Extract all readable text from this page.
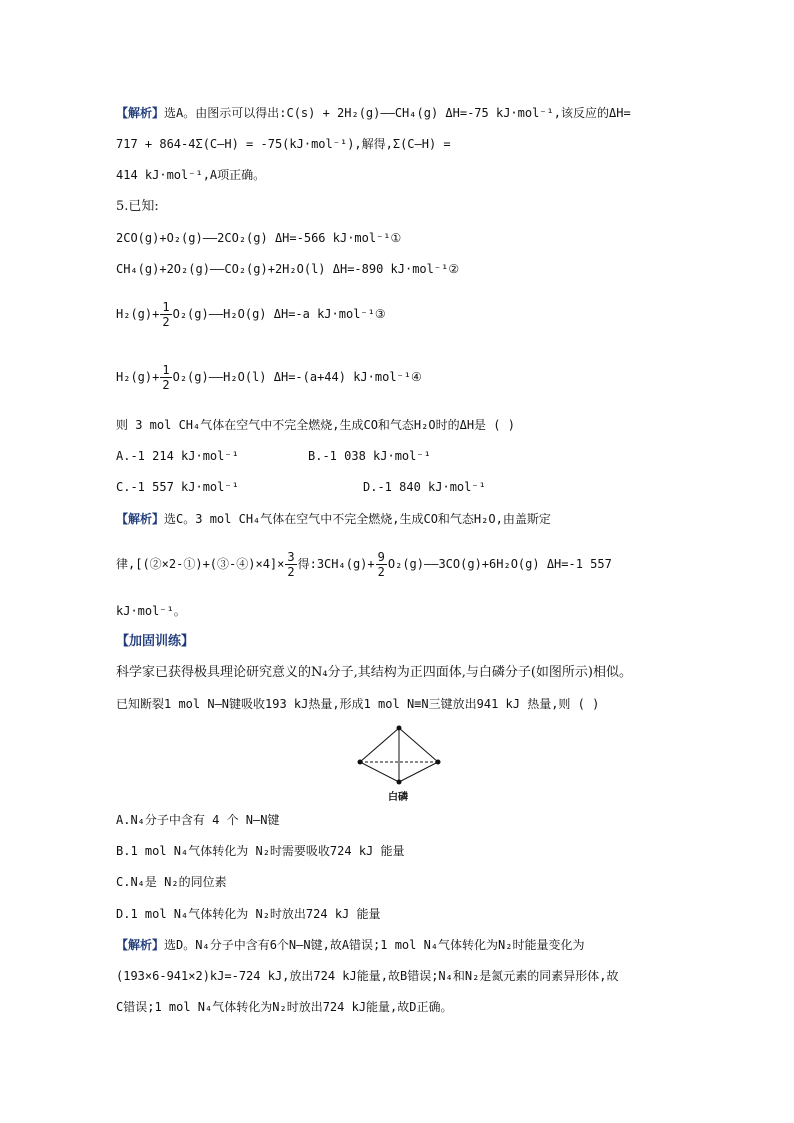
【解析】选A。由图示可以得出:C(s) + 2H₂(g)——CH₄(g) ΔH=-75 kJ·mol⁻¹,该反应的ΔH=
717 + 864-4Σ(C—H) = -75(kJ·mol⁻¹),解得,Σ(C—H) =
414 kJ·mol⁻¹,A项正确。
5.已知:
2CO(g)+O₂(g)——2CO₂(g) ΔH=-566 kJ·mol⁻¹①
CH₄(g)+2O₂(g)——CO₂(g)+2H₂O(l) ΔH=-890 kJ·mol⁻¹②
$H_2(g)+ \frac{1}{2}$ O₂(g)——H₂O(g) ΔH=-a kJ·mol⁻¹③
$H_2(g)+ \frac{1}{2}$ O₂(g)——H₂O(l) ΔH=-(a+44) kJ·mol⁻¹④
则 3 mol CH₄气体在空气中不完全燃烧,生成CO和气态H₂O时的ΔH是 ( )
A.-1 214 kJ·mol⁻¹	B.-1 038 kJ·mol⁻¹
C.-1 557 kJ·mol⁻¹	D.-1 840 kJ·mol⁻¹
【解析】选C。3 mol CH₄气体在空气中不完全燃烧,生成CO和气态H₂O,由盖斯定
律,[(②×2-①)+(③-④)×4]× $\frac{3}{2}$ 得:3CH₄(g)+ $\frac{9}{2}$ O₂(g)——3CO(g)+6H₂O(g) ΔH=-1 557
kJ·mol⁻¹。
【加固训练】
科学家已获得极具理论研究意义的N₄分子,其结构为正四面体,与白磷分子(如图所示)相似。
已知断裂1 mol N—N键吸收193 kJ热量,形成1 mol N≡N三键放出941 kJ 热量,则 ( )
白磷
A.N₄分子中含有 4 个 N—N键
B.1 mol N₄气体转化为 N₂时需要吸收724 kJ 能量
C.N₄是 N₂的同位素
D.1 mol N₄气体转化为 N₂时放出724 kJ 能量
【解析】选D。N₄分子中含有6个N—N键,故A错误;1 mol N₄气体转化为N₂时能量变化为
(193×6-941×2)kJ=-724 kJ,放出724 kJ能量,故B错误;N₄和N₂是氮元素的同素异形体,故
C错误;1 mol N₄气体转化为N₂时放出724 kJ能量,故D正确。
